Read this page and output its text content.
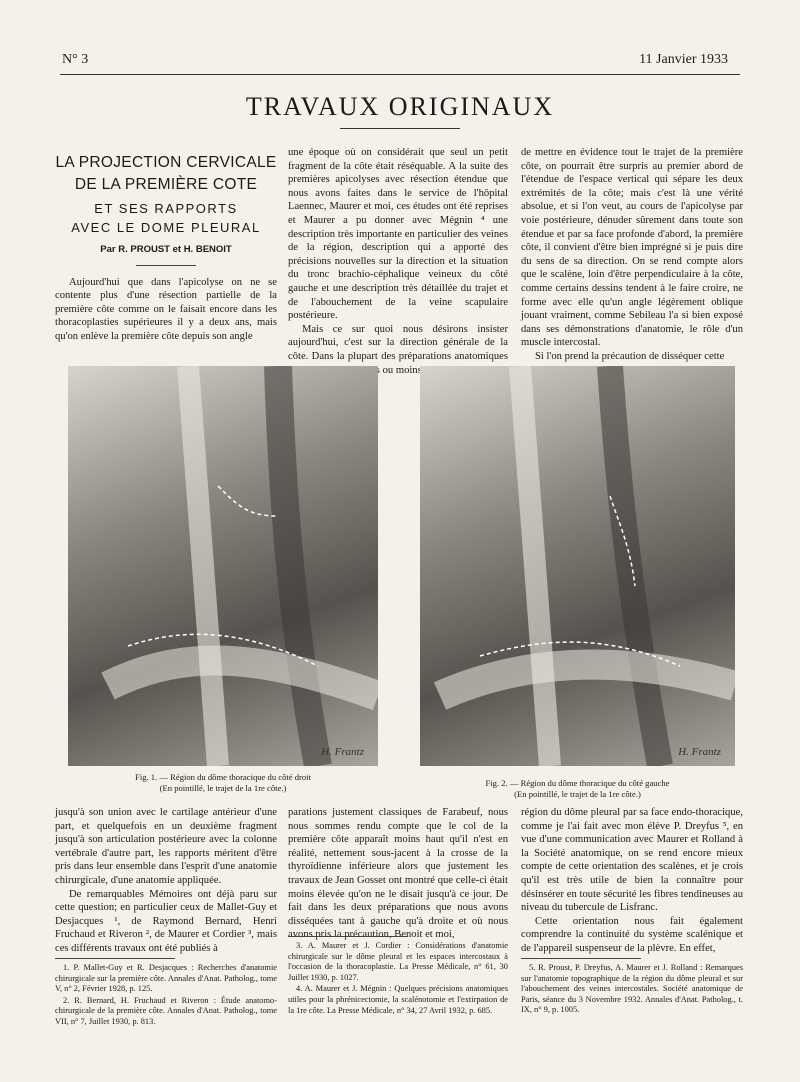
N° 3	11 Janvier 1933
TRAVAUX ORIGINAUX
LA PROJECTION CERVICALE
DE LA PREMIÈRE COTE
ET SES RAPPORTS
AVEC LE DOME PLEURAL
Par R. PROUST et H. BENOIT

Aujourd'hui que dans l'apicolyse on ne se contente plus d'une résection partielle de la première côte comme on le faisait encore dans les thoracoplasties supérieures il y a deux ans, mais qu'on enlève la première côte depuis son angle

une époque où on considérait que seul un petit fragment de la côte était réséquable. A la suite des premières apicolyses avec résection étendue que nous avons faites dans le service de l'hôpital Laennec, Maurer et moi, ces études ont été reprises et Maurer a pu donner avec Mégnin ⁴ une description très importante en particulier des veines de la région, description qui a apporté des précisions nouvelles sur la direction et la situation du tronc brachio-céphalique veineux du côté gauche et une description très détaillée du trajet et de l'abouchement de la veine scapulaire postérieure.

Mais ce sur quoi nous désirons insister aujourd'hui, c'est sur la direction générale de la côte. Dans la plupart des préparations anatomiques ou moins

de mettre en évidence tout le trajet de la première côte, on pourrait être surpris au premier abord de l'étendue de l'espace vertical qui sépare les deux extrémités de la côte; mais c'est là une vérité absolue, et si l'on veut, au cours de l'apicolyse par voie postérieure, dénuder sûrement dans toute son étendue et par sa face profonde d'abord, la première côte, il convient d'être bien imprégné si je puis dire du sens de sa direction. On se rend compte alors que le scalène, loin d'être perpendiculaire à la côte, comme certains dessins tendent à le faire croire, ne forme avec elle qu'un angle légèrement oblique jouant vraiment, comme Sebileau l'a si bien exposé dans ses démonstrations d'anatomie, le rôle d'un muscle intercostal.

Si l'on prend la précaution de disséquer cette

H. Frantz
Fig. 1. — Région du dôme thoracique du côté droit
(En pointillé, le trajet de la 1re côte.)
H. Frantz
Fig. 2. — Région du dôme thoracique du côté gauche
(En pointillé, le trajet de la 1re côte.)

jusqu'à son union avec le cartilage antérieur d'une part, et quelquefois en un deuxième fragment jusqu'à son articulation postérieure avec la colonne vertébrale d'autre part, les rapports méritent d'être pris dans leur ensemble dans l'esprit d'une anatomie chirurgicale, d'une anatomie appliquée.

De remarquables Mémoires ont déjà paru sur cette question; en particulier ceux de Mallet-Guy et Desjacques ¹, de Raymond Bernard, Henri Fruchaud et Riveron ², de Maurer et Cordier ³, mais ces différents travaux ont été publiés à

1. P. Mallet-Guy et R. Desjacques : Recherches d'anatomie chirurgicale sur la première côte. Annales d'Anat. Patholog., tome V, n° 2, Février 1928, p. 125.

2. R. Bernard, H. Fruchaud et Riveron : Étude anatomo-chirurgicale de la première côte. Annales d'Anat. Patholog., tome VII, n° 7, Juillet 1930, p. 813.

parations justement classiques de Farabeuf, nous nous sommes rendu compte que le col de la première côte apparaît moins haut qu'il n'est en réalité, nettement sous-jacent à la crosse de la thyroïdienne inférieure alors que justement les travaux de Jean Gosset ont montré que celle-ci était moins élevée qu'on ne le disait jusqu'à ce jour. De fait dans les deux préparations que nous avons disséquées tant à gauche qu'à droite et où nous avons pris la précaution, Benoit et moi,

3. A. Maurer et J. Cordier : Considérations d'anatomie chirurgicale sur le dôme pleural et les espaces intercostaux à l'occasion de la thoracoplastie. La Presse Médicale, n° 61, 30 Juillet 1930, p. 1027.

4. A. Maurer et J. Mégnin : Quelques précisions anatomiques utiles pour la phrénicectomie, la scalénotomie et l'extirpation de la 1re côte. La Presse Médicale, n° 34, 27 Avril 1932, p. 685.

région du dôme pleural par sa face endo-thoracique, comme je l'ai fait avec mon élève P. Dreyfus ⁵, en vue d'une communication avec Maurer et Rolland à la Société anatomique, on se rend encore mieux compte de cette orientation des scalènes, et je crois qu'il est très utile de bien la connaître pour désinsérer en toute sécurité les fibres tendineuses au niveau du tubercule de Lisfranc.

Cette orientation nous fait également comprendre la continuité du système scalénique et de l'appareil suspenseur de la plèvre. En effet,

5. R. Proust, P. Dreyfus, A. Maurer et J. Rolland : Remarques sur l'anatomie topographique de la région du dôme pleural et sur l'abouchement des veines intercostales. Société anatomique de Paris, séance du 3 Novembre 1932. Annales d'Anat. Patholog., t. IX, n° 9, p. 1005.
